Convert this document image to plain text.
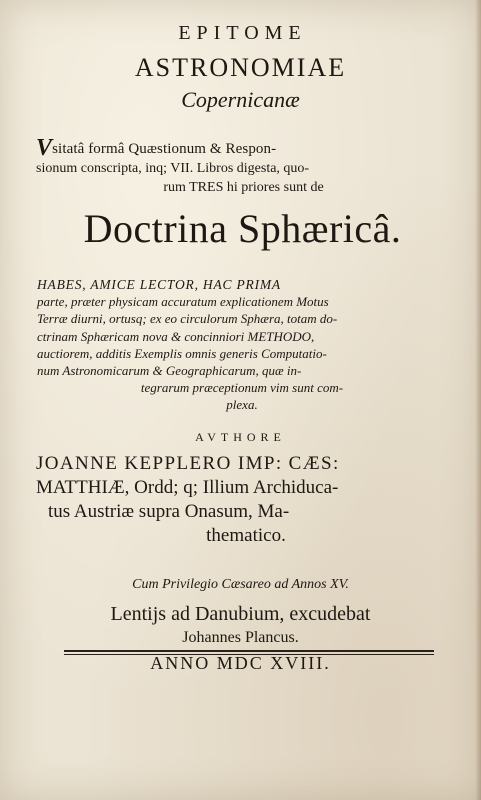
EPITOME

ASTRONOMIAE

Copernicanæ

Vsitatâ formâ Quæstionum & Respon-
sionum conscripta, inq; VII. Libros digesta, quo-
rum TRES hi priores sunt de

Doctrina Sphæricâ.

HABES, AMICE LECTOR, HAC PRIMA
parte, præter physicam accuratum explicationem Motus
Terræ diurni, ortusq; ex eo circulorum Sphæra, totam do-
ctrinam Sphæricam nova & concinniori METHODO,
auctiorem, additis Exemplis omnis generis Computatio-
num Astronomicarum & Geographicarum, quæ in-
tegrarum præceptionum vim sunt com-
plexa.

AVTHORE

JOANNE KEPPLERO IMP: CÆS:
MATTHIÆ, Ordd; q; Illium Archiduca-
tus Austriæ supra Onasum, Ma-
thematico.

Cum Privilegio Cæsareo ad Annos XV.

Lentijs ad Danubium, excudebat

Johannes Plancus.

ANNO MDC XVIII.
